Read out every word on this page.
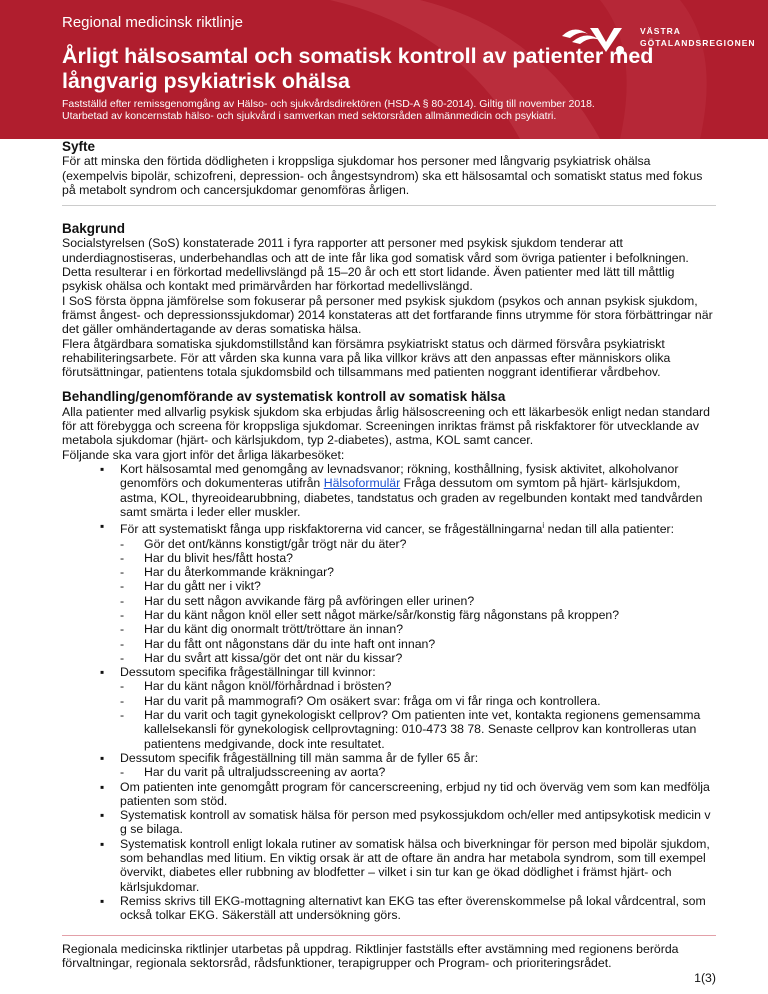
Regional medicinsk riktlinje	VÄSTRA
GÖTALANDSREGIONEN
Årligt hälsosamtal och somatisk kontroll av patienter med långvarig psykiatrisk ohälsa
Fastställd efter remissgenomgång av Hälso- och sjukvårdsdirektören (HSD-A § 80-2014). Giltig till november 2018.
Utarbetad av koncernstab hälso- och sjukvård i samverkan med sektorsråden allmänmedicin och psykiatri.
Syfte

För att minska den förtida dödligheten i kroppsliga sjukdomar hos personer med långvarig psykiatrisk ohälsa (exempelvis bipolär, schizofreni, depression- och ångestsyndrom) ska ett hälsosamtal och somatiskt status med fokus på metabolt syndrom och cancersjukdomar genomföras årligen.

Bakgrund

Socialstyrelsen (SoS) konstaterade 2011 i fyra rapporter att personer med psykisk sjukdom tenderar att underdiagnostiseras, underbehandlas och att de inte får lika god somatisk vård som övriga patienter i befolkningen. Detta resulterar i en förkortad medellivslängd på 15–20 år och ett stort lidande. Även patienter med lätt till måttlig psykisk ohälsa och kontakt med primärvården har förkortad medellivslängd.

I SoS första öppna jämförelse som fokuserar på personer med psykisk sjukdom (psykos och annan psykisk sjukdom, främst ångest- och depressionssjukdomar) 2014 konstateras att det fortfarande finns utrymme för stora förbättringar när det gäller omhändertagande av deras somatiska hälsa.

Flera åtgärdbara somatiska sjukdomstillstånd kan försämra psykiatriskt status och därmed försvåra psykiatriskt rehabiliteringsarbete. För att vården ska kunna vara på lika villkor krävs att den anpassas efter människors olika förutsättningar, patientens totala sjukdomsbild och tillsammans med patienten noggrant identifierar vårdbehov.

Behandling/genomförande av systematisk kontroll av somatisk hälsa

Alla patienter med allvarlig psykisk sjukdom ska erbjudas årlig hälsoscreening och ett läkarbesök enligt nedan standard för att förebygga och screena för kroppsliga sjukdomar. Screeningen inriktas främst på riskfaktorer för utvecklande av metabola sjukdomar (hjärt- och kärlsjukdom, typ 2-diabetes), astma, KOL samt cancer.

Följande ska vara gjort inför det årliga läkarbesöket:

▪ Kort hälsosamtal med genomgång av levnadsvanor; rökning, kosthållning, fysisk aktivitet, alkoholvanor genomförs och dokumenteras utifrån Hälsoformulär Fråga dessutom om symtom på hjärt- kärlsjukdom, astma, KOL, thyreoidearubbning, diabetes, tandstatus och graden av regelbunden kontakt med tandvården samt smärta i leder eller muskler.
▪ För att systematiskt fånga upp riskfaktorerna vid cancer, se frågeställningarna$^i$ nedan till alla patienter:
- Gör det ont/känns konstigt/går trögt när du äter?
- Har du blivit hes/fått hosta?
- Har du återkommande kräkningar?
- Har du gått ner i vikt?
- Har du sett någon avvikande färg på avföringen eller urinen?
- Har du känt någon knöl eller sett något märke/sår/konstig färg någonstans på kroppen?
- Har du känt dig onormalt trött/tröttare än innan?
- Har du fått ont någonstans där du inte haft ont innan?
- Har du svårt att kissa/gör det ont när du kissar?
▪ Dessutom specifika frågeställningar till kvinnor:
- Har du känt någon knöl/förhårdnad i brösten?
- Har du varit på mammografi? Om osäkert svar: fråga om vi får ringa och kontrollera.
- Har du varit och tagit gynekologiskt cellprov? Om patienten inte vet, kontakta regionens gemensamma kallelsekansli för gynekologisk cellprovtagning: 010-473 38 78. Senaste cellprov kan kontrolleras utan patientens medgivande, dock inte resultatet.
▪ Dessutom specifik frågeställning till män samma år de fyller 65 år:
- Har du varit på ultraljudsscreening av aorta?
▪ Om patienten inte genomgått program för cancerscreening, erbjud ny tid och överväg vem som kan medfölja patienten som stöd.
▪ Systematisk kontroll av somatisk hälsa för person med psykossjukdom och/eller med antipsykotisk medicin v g se bilaga.
▪ Systematisk kontroll enligt lokala rutiner av somatisk hälsa och biverkningar för person med bipolär sjukdom, som behandlas med litium. En viktig orsak är att de oftare än andra har metabola syndrom, som till exempel övervikt, diabetes eller rubbning av blodfetter – vilket i sin tur kan ge ökad dödlighet i främst hjärt- och kärlsjukdomar.
▪ Remiss skrivs till EKG-mottagning alternativt kan EKG tas efter överenskommelse på lokal vårdcentral, som också tolkar EKG. Säkerställ att undersökning görs.
Regionala medicinska riktlinjer utarbetas på uppdrag. Riktlinjer fastställs efter avstämning med regionens berörda förvaltningar, regionala sektorsråd, rådsfunktioner, terapigrupper och Program- och prioriteringsrådet.
1(3)
